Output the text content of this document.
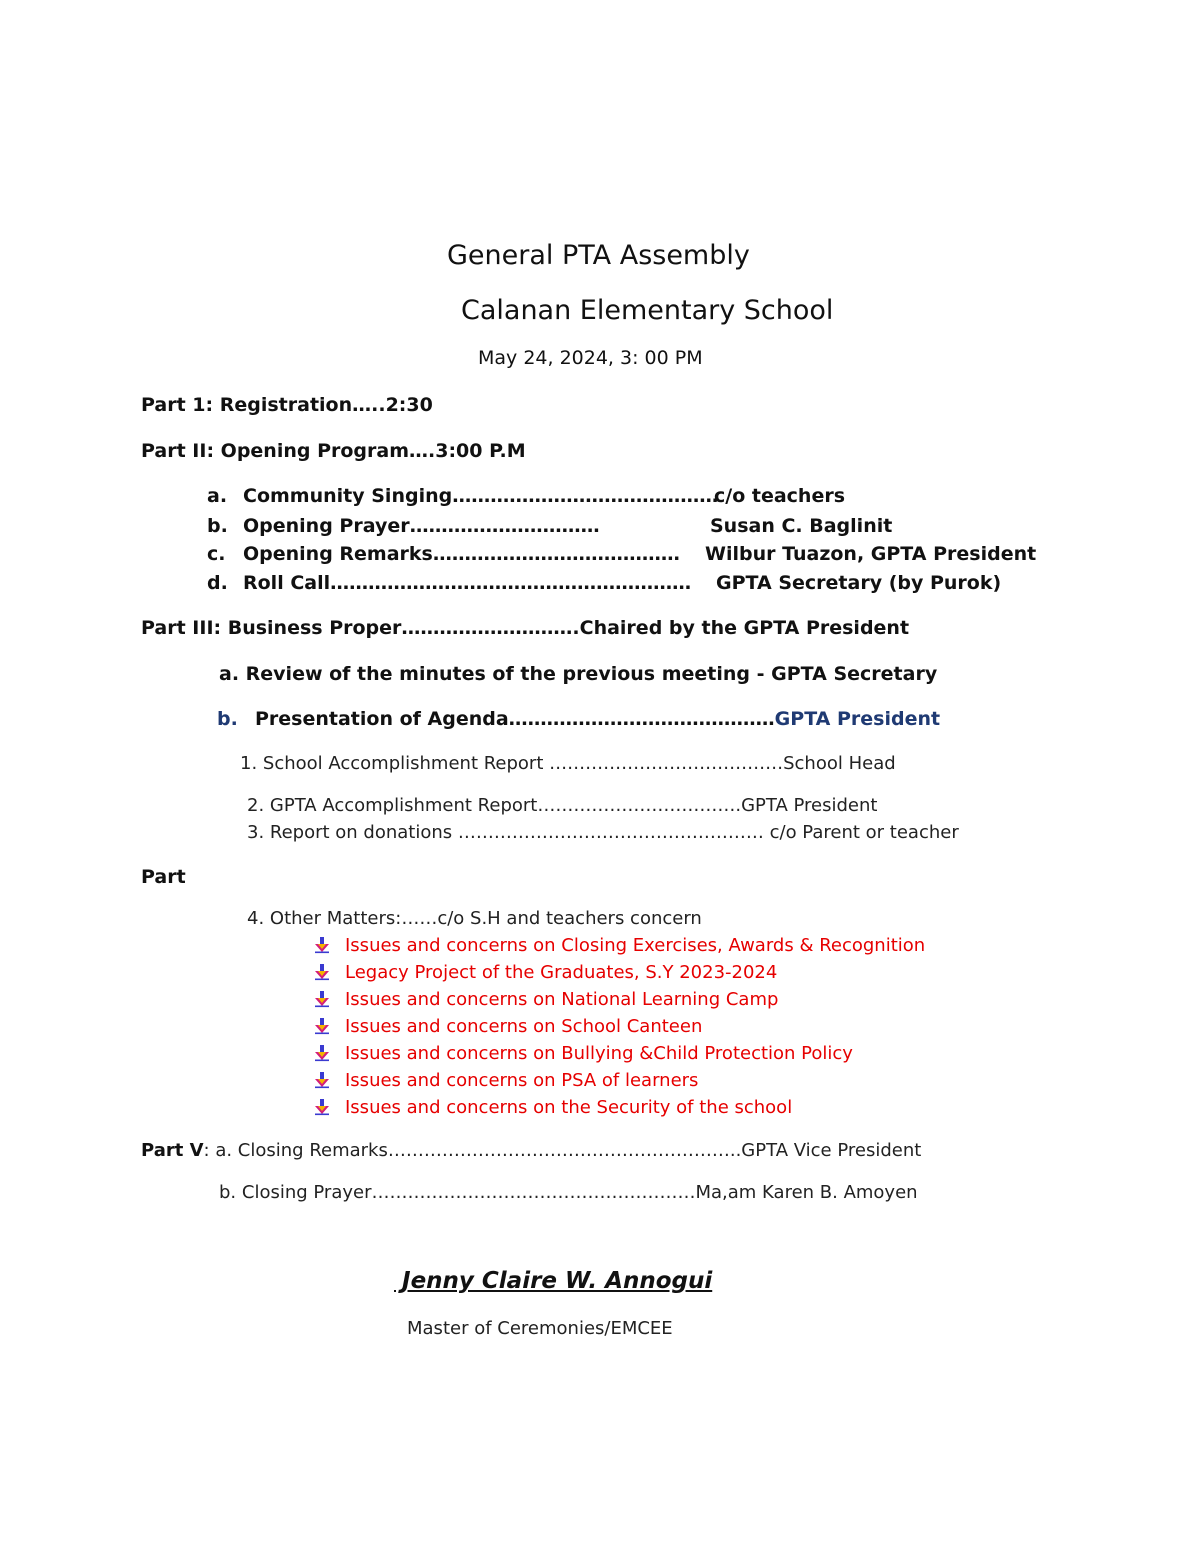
General PTA Assembly
Calanan Elementary School
May 24, 2024, 3: 00 PM
Part 1: Registration…..2:30
Part II: Opening Program….3:00 P.M
a. Community Singing……………………………………
c/o teachers
b. Opening Prayer…………………………	Susan C. Baglinit
c. Opening Remarks………………………………… Wilbur Tuazon, GPTA President
d. Roll Call………………………………………………… GPTA Secretary (by Purok)
Part III: Business Proper……………………….Chaired by the GPTA President
a. Review of the minutes of the previous meeting - GPTA Secretary
b. Presentation of Agenda……………………………………GPTA President
1. School Accomplishment Report …………………………………School Head
2. GPTA Accomplishment Report…………………………….GPTA President
3. Report on donations …………………………………………… c/o Parent or teacher
Part
4. Other Matters:……c/o S.H and teachers concern
Issues and concerns on Closing Exercises, Awards & Recognition
Legacy Project of the Graduates, S.Y 2023-2024
Issues and concerns on National Learning Camp
Issues and concerns on School Canteen
Issues and concerns on Bullying &Child Protection Policy
Issues and concerns on PSA of learners
Issues and concerns on the Security of the school
Part V: a. Closing Remarks…………………………………………………..GPTA Vice President
b. Closing Prayer………………………………………………Ma,am Karen B. Amoyen
Jenny Claire W. Annogui
Master of Ceremonies/EMCEE
